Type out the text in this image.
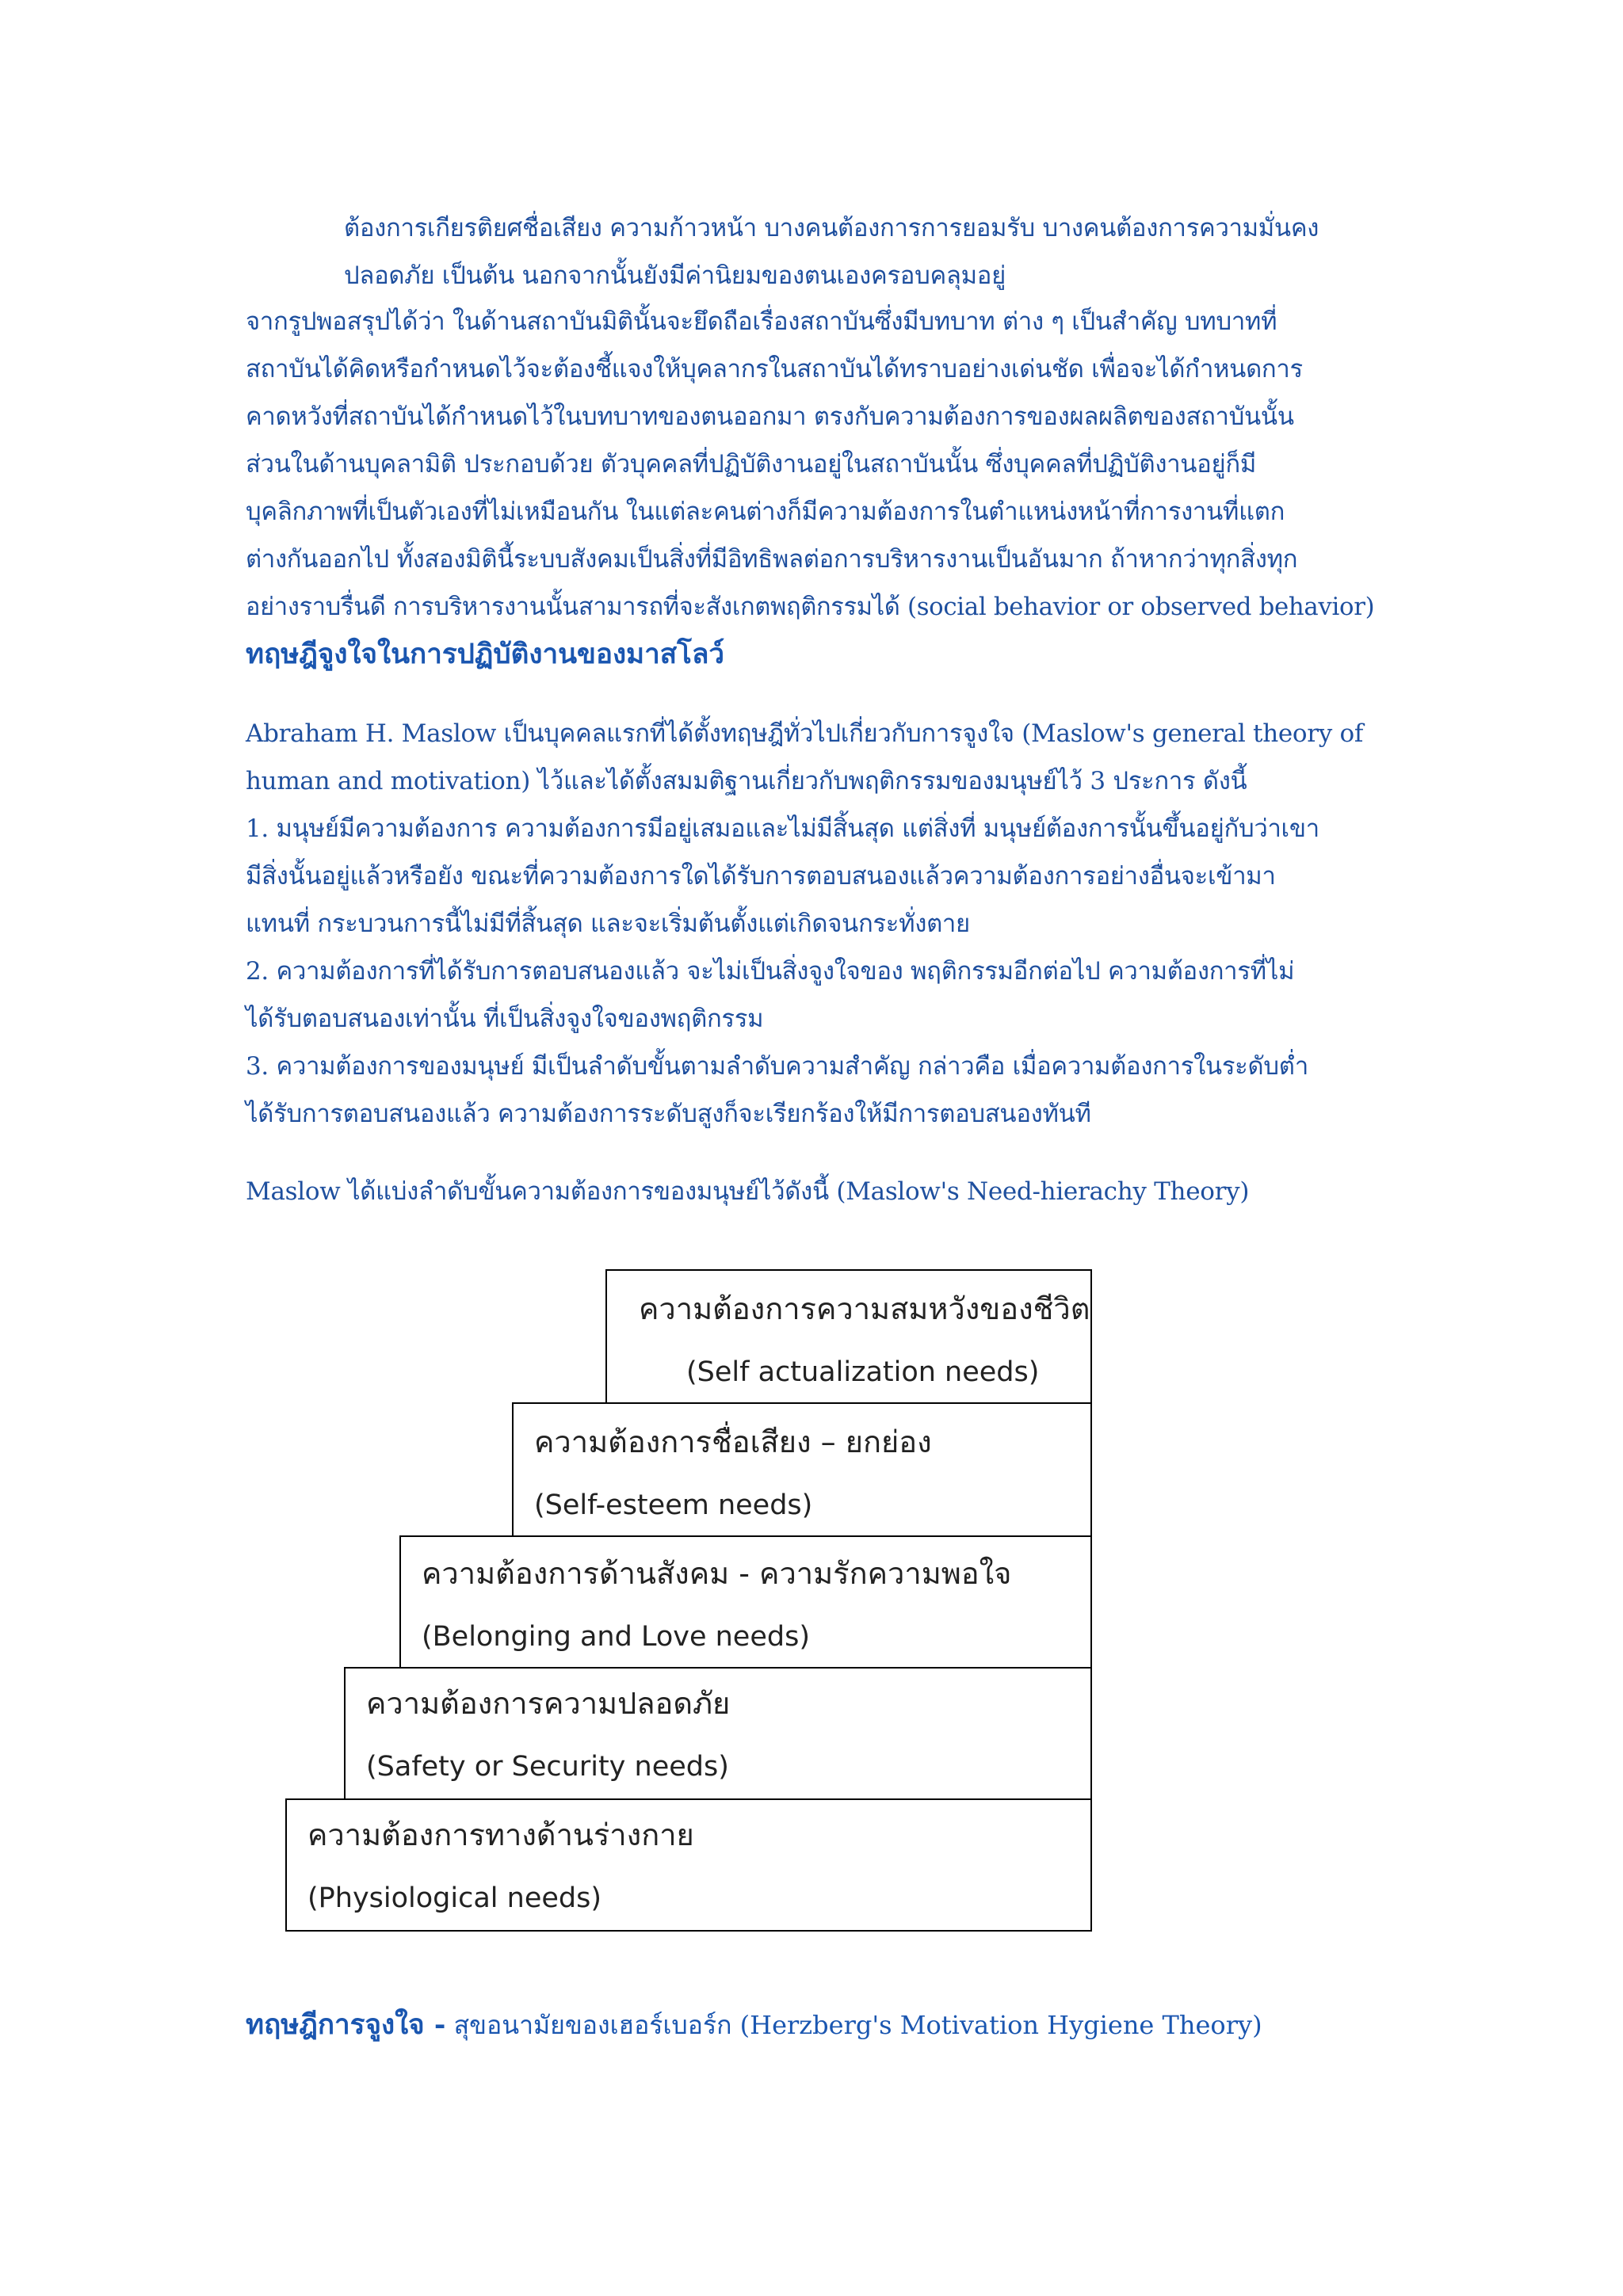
ต้องการเกียรติยศชื่อเสียง ความก้าวหน้า บางคนต้องการการยอมรับ บางคนต้องการความมั่นคง
ปลอดภัย เป็นต้น นอกจากนั้นยังมีค่านิยมของตนเองครอบคลุมอยู่
จากรูปพอสรุปได้ว่า ในด้านสถาบันมิตินั้นจะยึดถือเรื่องสถาบันซึ่งมีบทบาท ต่าง ๆ เป็นสำคัญ บทบาทที่
สถาบันได้คิดหรือกำหนดไว้จะต้องชี้แจงให้บุคลากรในสถาบันได้ทราบอย่างเด่นชัด เพื่อจะได้กำหนดการ
คาดหวังที่สถาบันได้กำหนดไว้ในบทบาทของตนออกมา ตรงกับความต้องการของผลผลิตของสถาบันนั้น
ส่วนในด้านบุคลามิติ ประกอบด้วย ตัวบุคคลที่ปฏิบัติงานอยู่ในสถาบันนั้น ซึ่งบุคคลที่ปฏิบัติงานอยู่ก็มี
บุคลิกภาพที่เป็นตัวเองที่ไม่เหมือนกัน ในแต่ละคนต่างก็มีความต้องการในตำแหน่งหน้าที่การงานที่แตก
ต่างกันออกไป ทั้งสองมิตินี้ระบบสังคมเป็นสิ่งที่มีอิทธิพลต่อการบริหารงานเป็นอันมาก ถ้าหากว่าทุกสิ่งทุก
อย่างราบรื่นดี การบริหารงานนั้นสามารถที่จะสังเกตพฤติกรรมได้ (social behavior or observed behavior)
ทฤษฎีจูงใจในการปฏิบัติงานของมาสโลว์
Abraham H. Maslow เป็นบุคคลแรกที่ได้ตั้งทฤษฎีทั่วไปเกี่ยวกับการจูงใจ (Maslow's general theory of
human and motivation) ไว้และได้ตั้งสมมติฐานเกี่ยวกับพฤติกรรมของมนุษย์ไว้ 3 ประการ ดังนี้
1. มนุษย์มีความต้องการ ความต้องการมีอยู่เสมอและไม่มีสิ้นสุด แต่สิ่งที่ มนุษย์ต้องการนั้นขึ้นอยู่กับว่าเขา
มีสิ่งนั้นอยู่แล้วหรือยัง ขณะที่ความต้องการใดได้รับการตอบสนองแล้วความต้องการอย่างอื่นจะเข้ามา
แทนที่ กระบวนการนี้ไม่มีที่สิ้นสุด และจะเริ่มต้นตั้งแต่เกิดจนกระทั่งตาย
2. ความต้องการที่ได้รับการตอบสนองแล้ว จะไม่เป็นสิ่งจูงใจของ พฤติกรรมอีกต่อไป ความต้องการที่ไม่
ได้รับตอบสนองเท่านั้น ที่เป็นสิ่งจูงใจของพฤติกรรม
3. ความต้องการของมนุษย์ มีเป็นลำดับขั้นตามลำดับความสำคัญ กล่าวคือ เมื่อความต้องการในระดับต่ำ
ได้รับการตอบสนองแล้ว ความต้องการระดับสูงก็จะเรียกร้องให้มีการตอบสนองทันที
Maslow ได้แบ่งลำดับขั้นความต้องการของมนุษย์ไว้ดังนี้ (Maslow's Need-hierachy Theory)
ความต้องการความสมหวังของชีวิต
(Self actualization needs)
ความต้องการชื่อเสียง – ยกย่อง
(Self-esteem needs)
ความต้องการด้านสังคม - ความรักความพอใจ
(Belonging and Love needs)
ความต้องการความปลอดภัย
(Safety or Security needs)
ความต้องการทางด้านร่างกาย
(Physiological needs)
ทฤษฎีการจูงใจ - สุขอนามัยของเฮอร์เบอร์ก (Herzberg's Motivation Hygiene Theory)
